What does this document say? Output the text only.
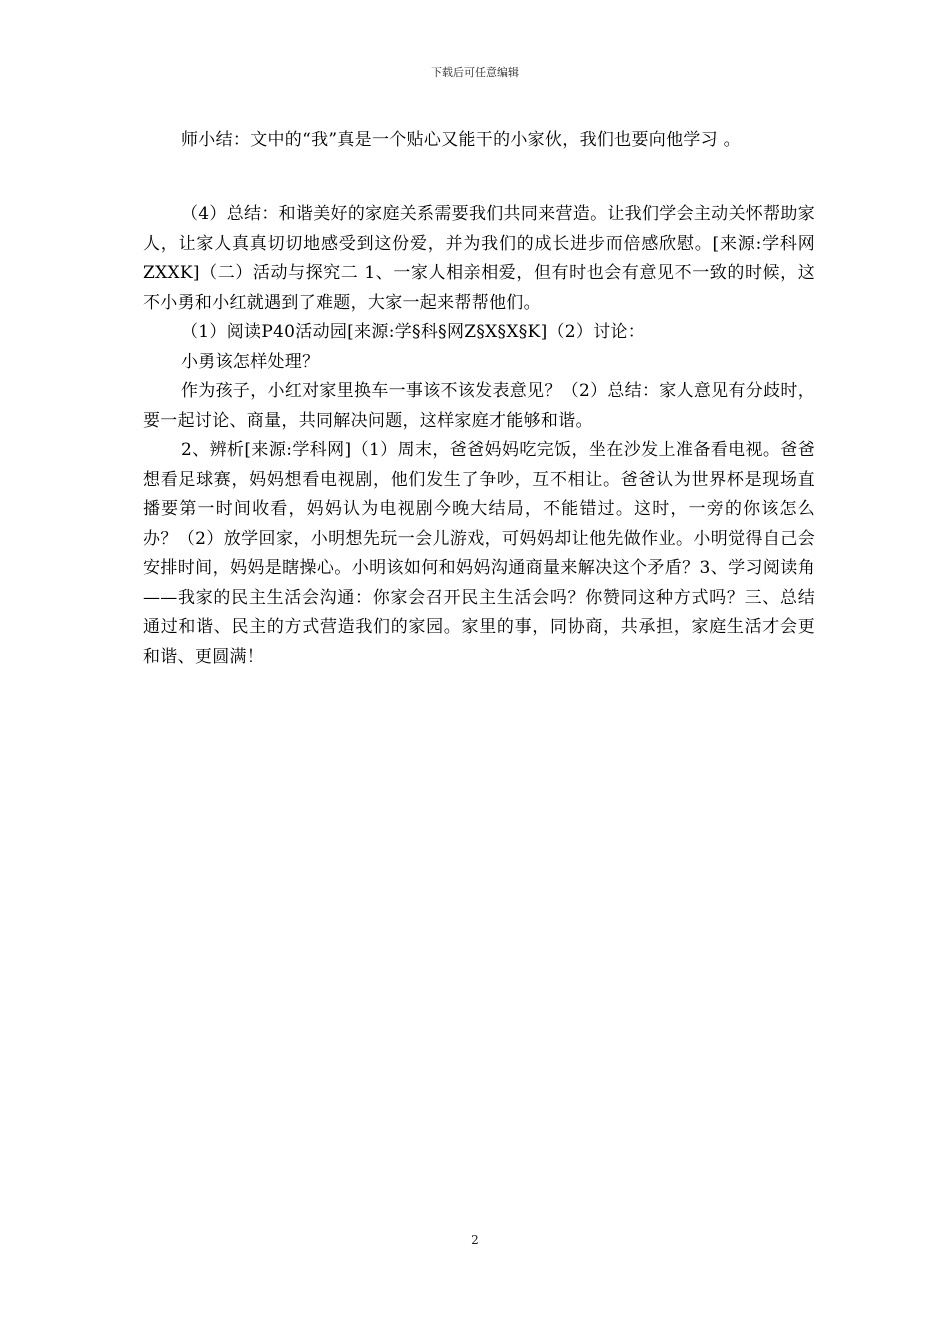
下载后可任意编辑
师小结：文中的“我”真是一个贴心又能干的小家伙，我们也要向他学习 。

（4）总结：和谐美好的家庭关系需要我们共同来营造。让我们学会主动关怀帮助家人，让家人真真切切地感受到这份爱，并为我们的成长进步而倍感欣慰。[来源:学科网ZXXK]（二）活动与探究二 1、一家人相亲相爱，但有时也会有意见不一致的时候，这不小勇和小红就遇到了难题，大家一起来帮帮他们。

（1）阅读P40活动园[来源:学§科§网Z§X§X§K]（2）讨论：

小勇该怎样处理？

作为孩子，小红对家里换车一事该不该发表意见？（2）总结：家人意见有分歧时，要一起讨论、商量，共同解决问题，这样家庭才能够和谐。

2、辨析[来源:学科网]（1）周末，爸爸妈妈吃完饭，坐在沙发上准备看电视。爸爸想看足球赛，妈妈想看电视剧，他们发生了争吵，互不相让。爸爸认为世界杯是现场直播要第一时间收看，妈妈认为电视剧今晚大结局，不能错过。这时，一旁的你该怎么办？（2）放学回家，小明想先玩一会儿游戏，可妈妈却让他先做作业。小明觉得自己会安排时间，妈妈是瞎操心。小明该如何和妈妈沟通商量来解决这个矛盾？3、学习阅读角——我家的民主生活会沟通：你家会召开民主生活会吗？你赞同这种方式吗？三、总结通过和谐、民主的方式营造我们的家园。家里的事，同协商，共承担，家庭生活才会更和谐、更圆满！

2
